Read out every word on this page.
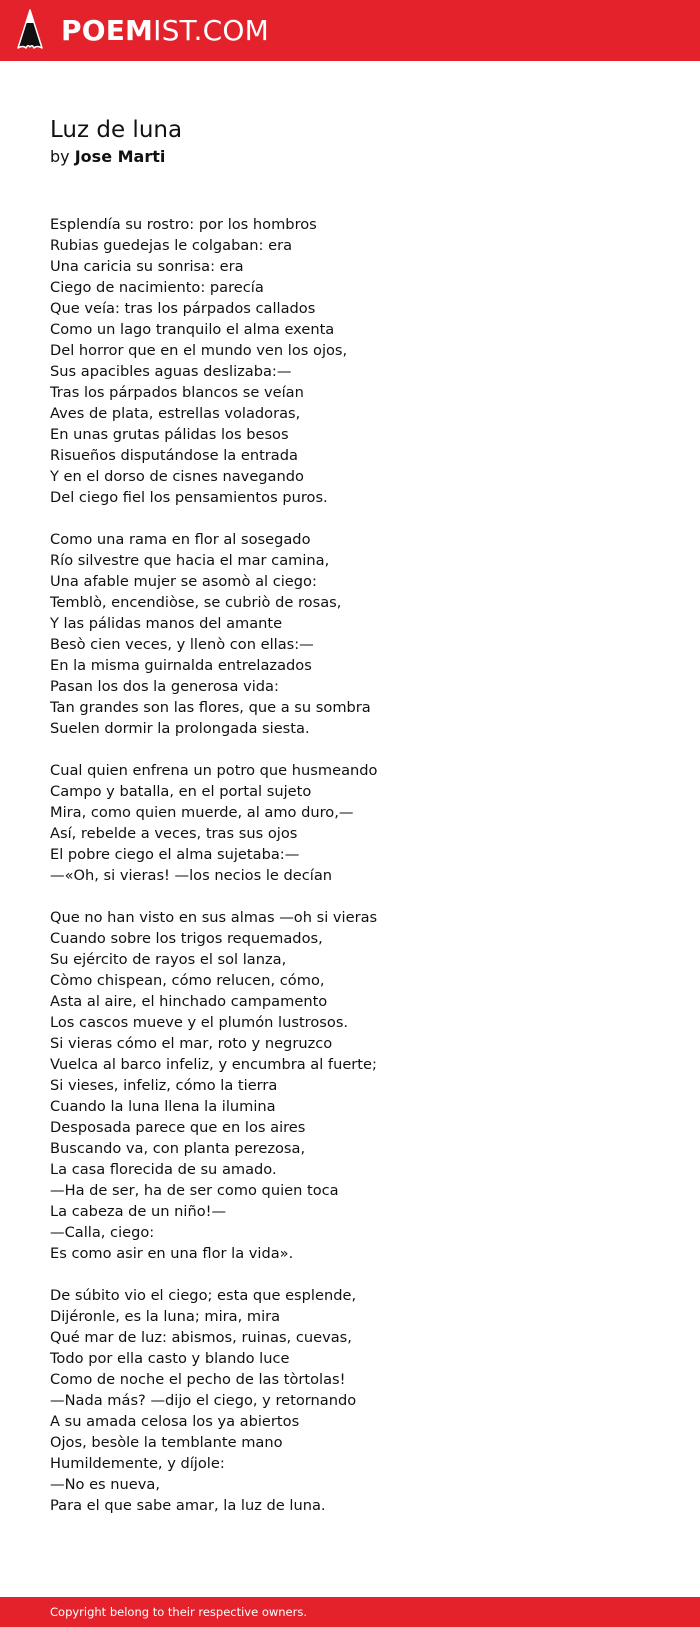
POEMIST.COM
Luz de luna
by Jose Marti
Esplendía su rostro: por los hombros
Rubias guedejas le colgaban: era
Una caricia su sonrisa: era
Ciego de nacimiento: parecía
Que veía: tras los párpados callados
Como un lago tranquilo el alma exenta
Del horror que en el mundo ven los ojos,
Sus apacibles aguas deslizaba:—
Tras los párpados blancos se veían
Aves de plata, estrellas voladoras,
En unas grutas pálidas los besos
Risueños disputándose la entrada
Y en el dorso de cisnes navegando
Del ciego fiel los pensamientos puros.
Como una rama en flor al sosegado
Río silvestre que hacia el mar camina,
Una afable mujer se asomò al ciego:
Temblò, encendiòse, se cubriò de rosas,
Y las pálidas manos del amante
Besò cien veces, y llenò con ellas:—
En la misma guirnalda entrelazados
Pasan los dos la generosa vida:
Tan grandes son las flores, que a su sombra
Suelen dormir la prolongada siesta.
Cual quien enfrena un potro que husmeando
Campo y batalla, en el portal sujeto
Mira, como quien muerde, al amo duro,—
Así, rebelde a veces, tras sus ojos
El pobre ciego el alma sujetaba:—
—«Oh, si vieras! —los necios le decían
Que no han visto en sus almas —oh si vieras
Cuando sobre los trigos requemados,
Su ejército de rayos el sol lanza,
Còmo chispean, cómo relucen, cómo,
Asta al aire, el hinchado campamento
Los cascos mueve y el plumón lustrosos.
Si vieras cómo el mar, roto y negruzco
Vuelca al barco infeliz, y encumbra al fuerte;
Si vieses, infeliz, cómo la tierra
Cuando la luna llena la ilumina
Desposada parece que en los aires
Buscando va, con planta perezosa,
La casa florecida de su amado.
—Ha de ser, ha de ser como quien toca
La cabeza de un niño!—
—Calla, ciego:
Es como asir en una flor la vida».
De súbito vio el ciego; esta que esplende,
Dijéronle, es la luna; mira, mira
Qué mar de luz: abismos, ruinas, cuevas,
Todo por ella casto y blando luce
Como de noche el pecho de las tòrtolas!
—Nada más? —dijo el ciego, y retornando
A su amada celosa los ya abiertos
Ojos, besòle la temblante mano
Humildemente, y díjole:
—No es nueva,
Para el que sabe amar, la luz de luna.
Copyright belong to their respective owners.
